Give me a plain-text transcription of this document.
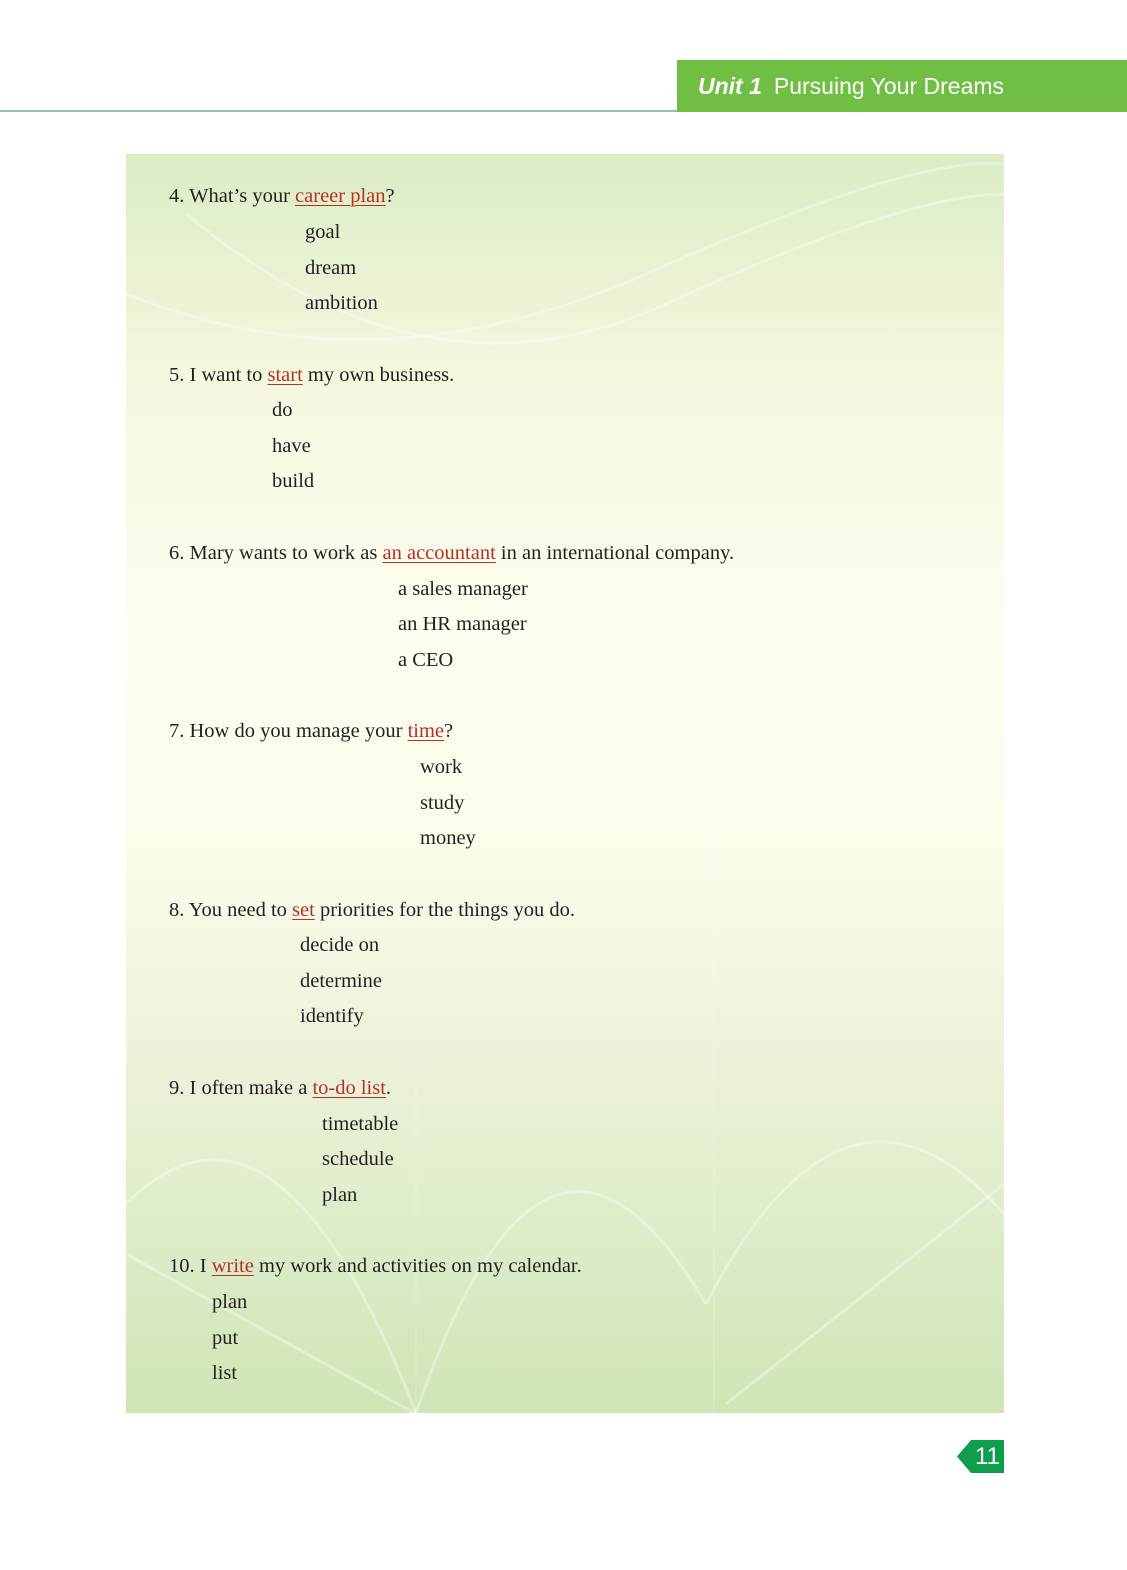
Unit 1 Pursuing Your Dreams
4. What’s your career plan?
goal
dream
ambition
5. I want to start my own business.
do
have
build
6. Mary wants to work as an accountant in an international company.
a sales manager
an HR manager
a CEO
7. How do you manage your time?
work
study
money
8. You need to set priorities for the things you do.
decide on
determine
identify
9. I often make a to-do list.
timetable
schedule
plan
10. I write my work and activities on my calendar.
plan
put
list
11
